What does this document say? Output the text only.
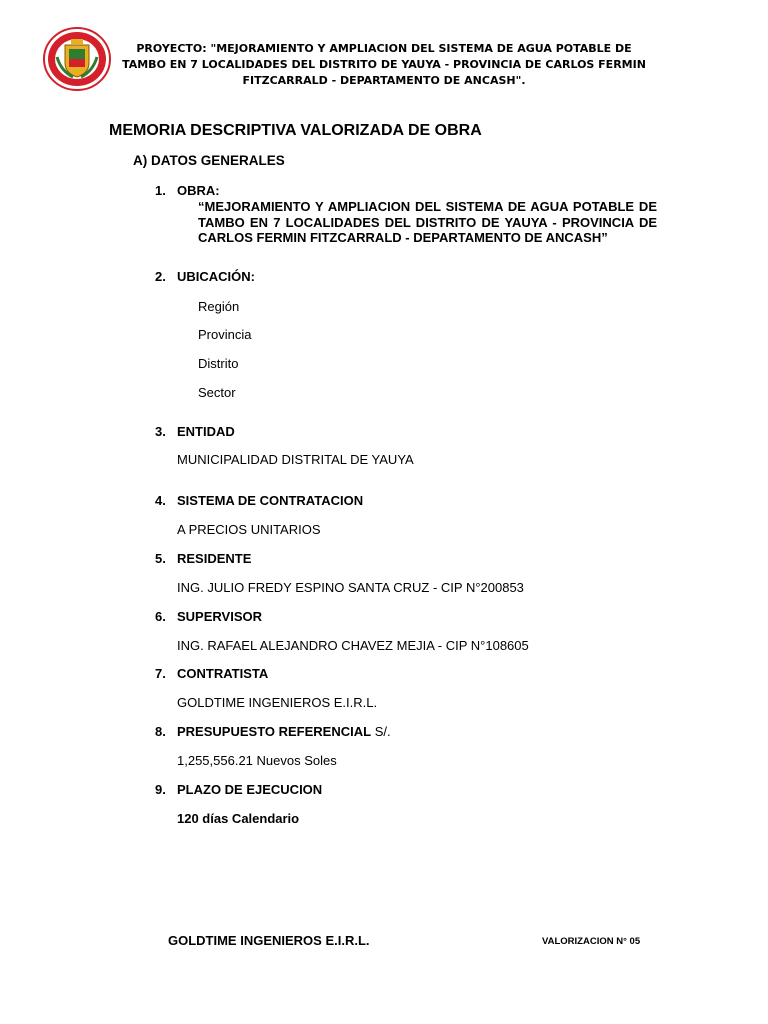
PROYECTO: "MEJORAMIENTO Y AMPLIACION DEL SISTEMA DE AGUA POTABLE DE TAMBO EN 7 LOCALIDADES DEL DISTRITO DE YAUYA - PROVINCIA DE CARLOS FERMIN FITZCARRALD - DEPARTAMENTO DE ANCASH".
MEMORIA DESCRIPTIVA VALORIZADA DE OBRA
A) DATOS GENERALES
1. OBRA:
“MEJORAMIENTO Y AMPLIACION DEL SISTEMA DE AGUA POTABLE DE TAMBO EN 7 LOCALIDADES DEL DISTRITO DE YAUYA - PROVINCIA DE CARLOS FERMIN FITZCARRALD - DEPARTAMENTO DE ANCASH”
2. UBICACIÓN:
Región
Provincia
Distrito
Sector
3. ENTIDAD
MUNICIPALIDAD DISTRITAL DE YAUYA
4. SISTEMA DE CONTRATACION
A PRECIOS UNITARIOS
5. RESIDENTE
ING. JULIO FREDY ESPINO SANTA CRUZ - CIP N°200853
6. SUPERVISOR
ING. RAFAEL ALEJANDRO CHAVEZ MEJIA - CIP N°108605
7. CONTRATISTA
GOLDTIME INGENIEROS E.I.R.L.
8. PRESUPUESTO REFERENCIAL S/.
1,255,556.21 Nuevos Soles
9. PLAZO DE EJECUCION
120 días Calendario
GOLDTIME INGENIEROS E.I.R.L.	VALORIZACION N° 05
